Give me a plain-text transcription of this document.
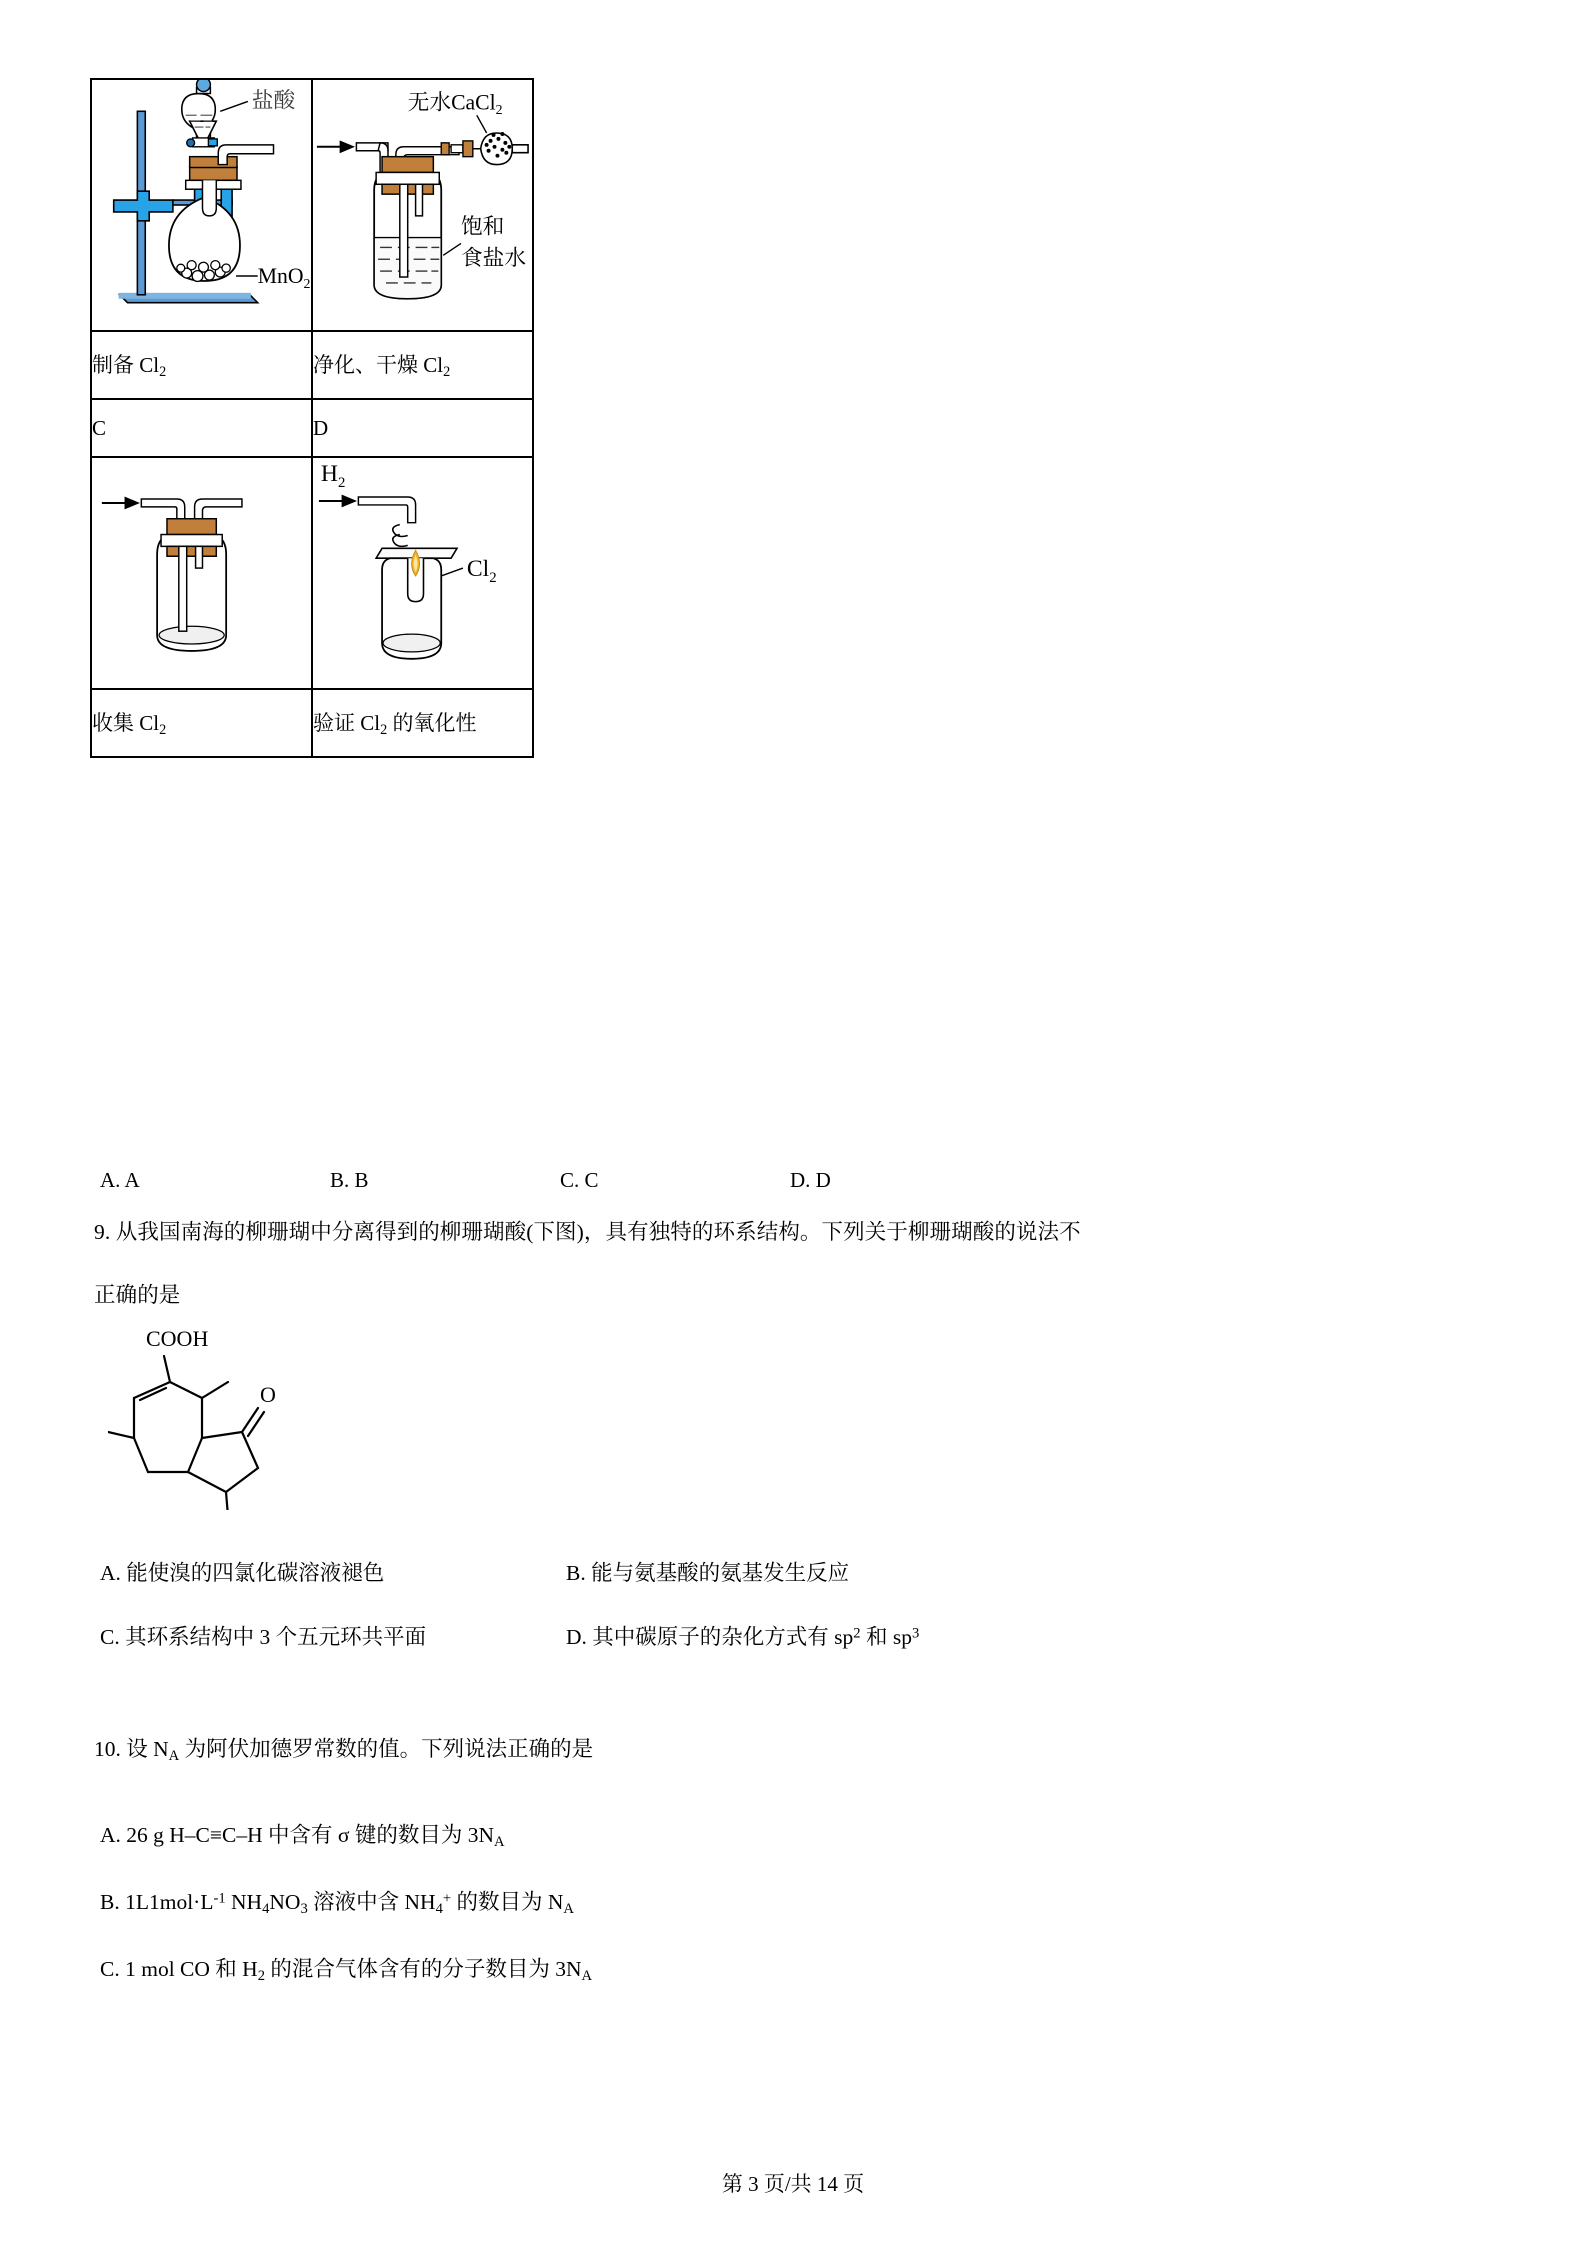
盐酸
MnO$_2$	无水CaCl$_2$
饱和
食盐水

制备 $Cl_2$	净化、干燥 $Cl_2$
C	D

$H_2$
$Cl_2$

收集 $Cl_2$	验证 $Cl_2$ 的氧化性
A. A	B. B	C. C	D. D
9. 从我国南海的柳珊瑚中分离得到的柳珊瑚酸(下图)，具有独特的环系结构。下列关于柳珊瑚酸的说法不
正确的是
COOH
O
A. 能使溴的四氯化碳溶液褪色	B. 能与氨基酸的氨基发生反应
C. 其环系结构中 3 个五元环共平面	D. 其中碳原子的杂化方式有 $sp^2$ 和 $sp^3$
10. 设 $N_A$ 为阿伏加德罗常数的值。下列说法正确的是
A. 26 g H–C≡C–H 中含有 σ 键的数目为 $3N_A$
B. $1L1mol\cdot L^{-1}$ $NH_4NO_3$ 溶液中含 $NH_4^+$ 的数目为 $N_A$
C. 1 mol CO 和 $H_2$ 的混合气体含有的分子数目为 $3N_A$
第 3 页/共 14 页
